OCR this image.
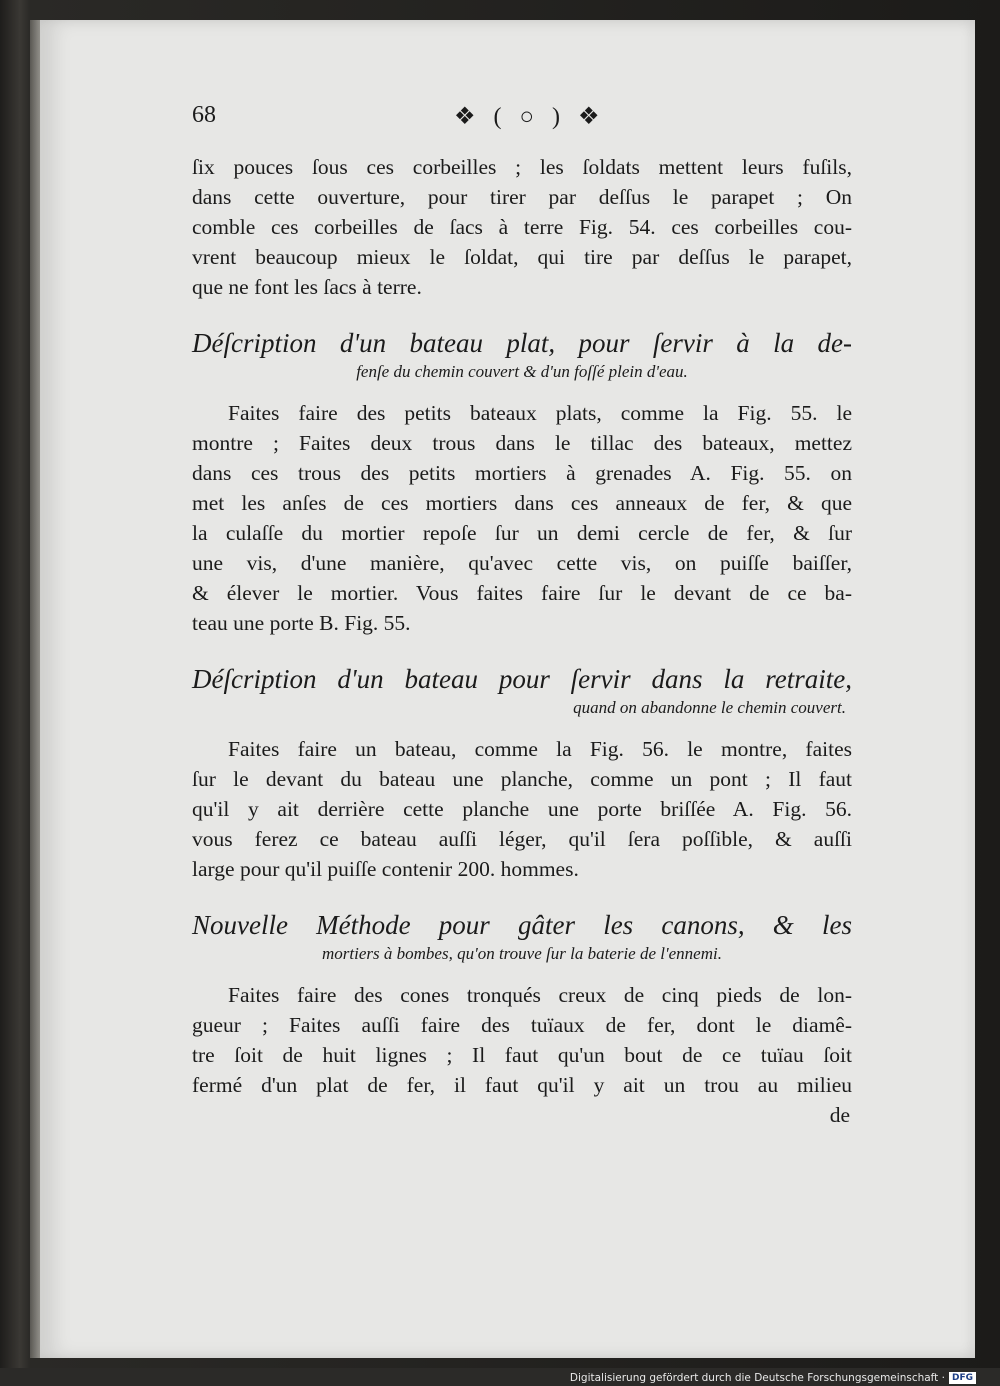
68	❖ ( ○ ) ❖

ſix pouces ſous ces corbeilles ; les ſoldats mettent leurs fuſils,

dans cette ouverture, pour tirer par deſſus le parapet ; On

comble ces corbeilles de ſacs à terre Fig. 54. ces corbeilles cou-

vrent beaucoup mieux le ſoldat, qui tire par deſſus le parapet,

que ne font les ſacs à terre.

Déſcription d'un bateau plat, pour ſervir à la de-
fenſe du chemin couvert & d'un foſſé plein d'eau.

Faites faire des petits bateaux plats, comme la Fig. 55. le

montre ; Faites deux trous dans le tillac des bateaux, mettez

dans ces trous des petits mortiers à grenades A. Fig. 55. on

met les anſes de ces mortiers dans ces anneaux de fer, & que

la culaſſe du mortier repoſe ſur un demi cercle de fer, & ſur

une vis, d'une manière, qu'avec cette vis, on puiſſe baiſſer,

& élever le mortier. Vous faites faire ſur le devant de ce ba-

teau une porte B. Fig. 55.

Déſcription d'un bateau pour ſervir dans la retraite,
quand on abandonne le chemin couvert.

Faites faire un bateau, comme la Fig. 56. le montre, faites

ſur le devant du bateau une planche, comme un pont ; Il faut

qu'il y ait derrière cette planche une porte briſſée A. Fig. 56.

vous ferez ce bateau auſſi léger, qu'il ſera poſſible, & auſſi

large pour qu'il puiſſe contenir 200. hommes.

Nouvelle Méthode pour gâter les canons, & les
mortiers à bombes, qu'on trouve ſur la baterie de l'ennemi.

Faites faire des cones tronqués creux de cinq pieds de lon-

gueur ; Faites auſſi faire des tuïaux de fer, dont le diamê-

tre ſoit de huit lignes ; Il faut qu'un bout de ce tuïau ſoit

fermé d'un plat de fer, il faut qu'il y ait un trou au milieu

de
Digitalisierung gefördert durch die Deutsche Forschungsgemeinschaft · DFG
